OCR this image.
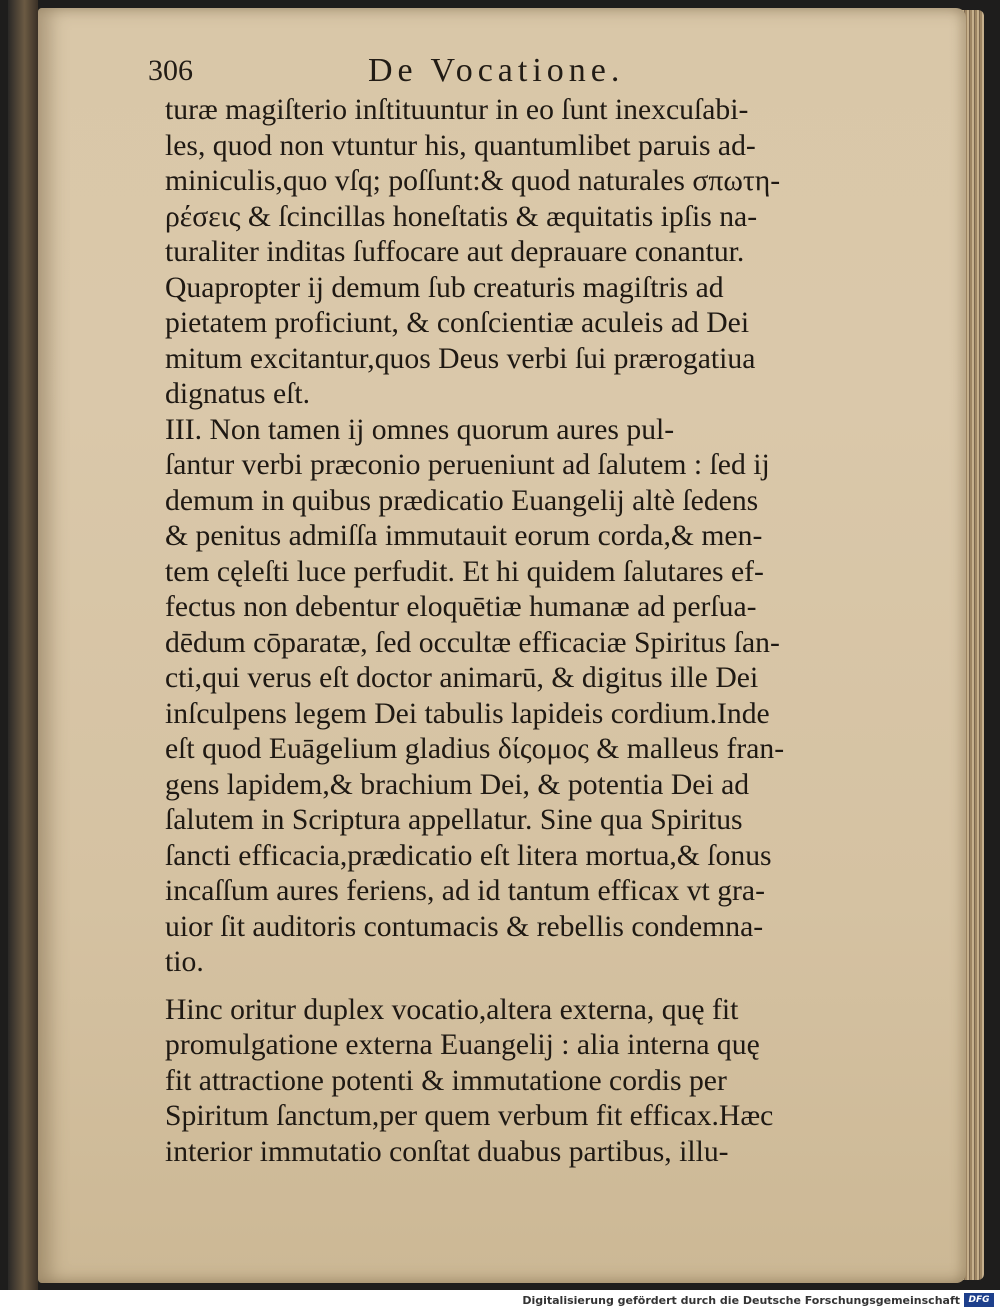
306	De Vocatione.
turæ magiſterio inſtituuntur in eo ſunt inexcuſabi-
les, quod non vtuntur his, quantumlibet paruis ad-
miniculis,quo vſq; poſſunt:& quod naturales σπωτη-
ρέσεις & ſcincillas honeſtatis & æquitatis ipſis na-
turaliter inditas ſuffocare aut deprauare conantur.
Quapropter ij demum ſub creaturis magiſtris ad
pietatem proficiunt, & conſcientiæ aculeis ad Dei
mitum excitantur,quos Deus verbi ſui prærogatiua
dignatus eſt.
III. Non tamen ij omnes quorum aures pul-
ſantur verbi præconio perueniunt ad ſalutem : ſed ij
demum in quibus prædicatio Euangelij altè ſedens
& penitus admiſſa immutauit eorum corda,& men-
tem cęleſti luce perfudit. Et hi quidem ſalutares ef-
fectus non debentur eloquētiæ humanæ ad perſua-
dēdum cōparatæ, ſed occultæ efficaciæ Spiritus ſan-
cti,qui verus eſt doctor animarū, & digitus ille Dei
inſculpens legem Dei tabulis lapideis cordium.Inde
eſt quod Euāgelium gladius δίςομος & malleus fran-
gens lapidem,& brachium Dei, & potentia Dei ad
ſalutem in Scriptura appellatur. Sine qua Spiritus
ſancti efficacia,prædicatio eſt litera mortua,& ſonus
incaſſum aures feriens, ad id tantum efficax vt gra-
uior ſit auditoris contumacis & rebellis condemna-
tio.
Hinc oritur duplex vocatio,altera externa, quę fit
promulgatione externa Euangelij : alia interna quę
fit attractione potenti & immutatione cordis per
Spiritum ſanctum,per quem verbum fit efficax.Hæc
interior immutatio conſtat duabus partibus, illu-
Digitalisierung gefördert durch die Deutsche Forschungsgemeinschaft DFG
